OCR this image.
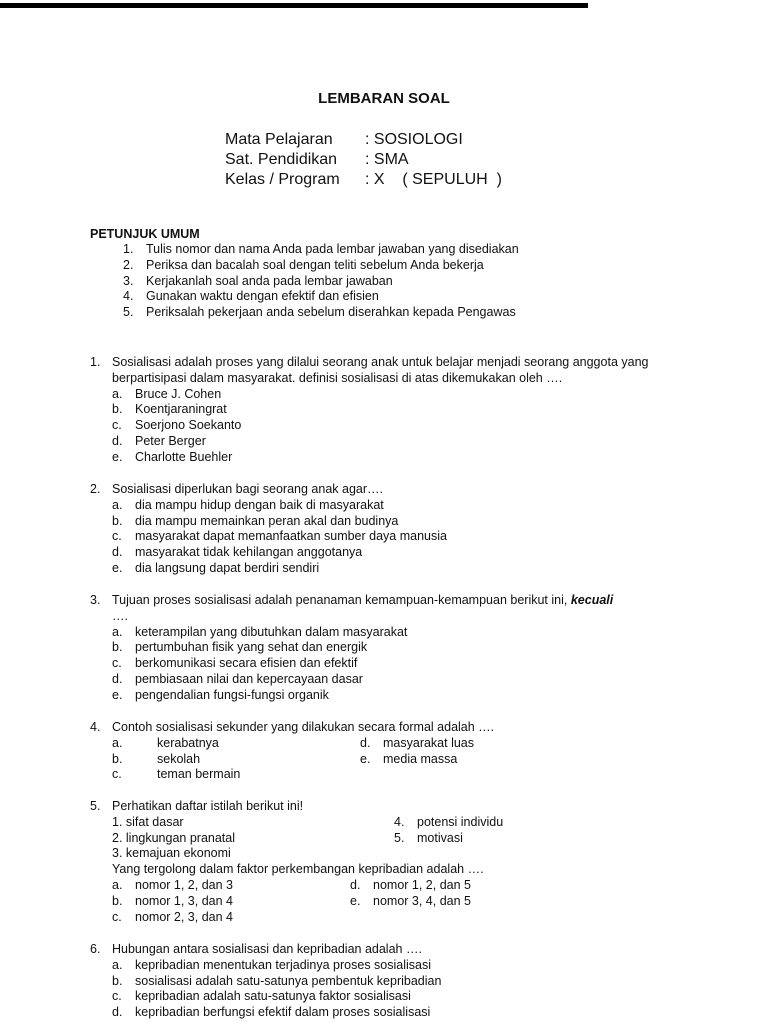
LEMBARAN SOAL
Mata Pelajaran	: SOSIOLOGI
Sat. Pendidikan	: SMA
Kelas / Program	: X    ( SEPULUH  )
PETUNJUK UMUM
1. Tulis nomor dan nama Anda pada lembar jawaban yang disediakan
2. Periksa dan bacalah soal dengan teliti sebelum Anda bekerja
3. Kerjakanlah soal anda pada lembar jawaban
4. Gunakan waktu dengan efektif dan efisien
5. Periksalah pekerjaan anda sebelum diserahkan kepada Pengawas
1. Sosialisasi adalah proses yang dilalui seorang anak untuk belajar menjadi seorang anggota yang berpartisipasi dalam masyarakat. definisi sosialisasi di atas dikemukakan oleh ….
a. Bruce J. Cohen
b. Koentjaraningrat
c. Soerjono Soekanto
d. Peter Berger
e. Charlotte Buehler
2. Sosialisasi diperlukan bagi seorang anak agar….
a. dia mampu hidup dengan baik di masyarakat
b. dia mampu memainkan peran akal dan budinya
c. masyarakat dapat memanfaatkan sumber daya manusia
d. masyarakat tidak kehilangan anggotanya
e. dia langsung dapat berdiri sendiri
3. Tujuan proses sosialisasi adalah penanaman kemampuan-kemampuan berikut ini, kecuali
….
a. keterampilan yang dibutuhkan dalam masyarakat
b. pertumbuhan fisik yang sehat dan energik
c. berkomunikasi secara efisien dan efektif
d. pembiasaan nilai dan kepercayaan dasar
e. pengendalian fungsi-fungsi organik
4. Contoh sosialisasi sekunder yang dilakukan secara formal adalah ….
a.	kerabatnya
b.	sekolah
c.	teman bermain
d. masyarakat luas
e. media massa
5. Perhatikan daftar istilah berikut ini!
1. sifat dasar
2. lingkungan pranatal
3. kemajuan ekonomi
4. potensi individu
5. motivasi
Yang tergolong dalam faktor perkembangan kepribadian adalah ….
a. nomor 1, 2, dan 3
b. nomor 1, 3, dan 4
c. nomor 2, 3, dan 4
d. nomor 1, 2, dan 5
e. nomor 3, 4, dan 5
6. Hubungan antara sosialisasi dan kepribadian adalah ….
a. kepribadian menentukan terjadinya proses sosialisasi
b. sosialisasi adalah satu-satunya pembentuk kepribadian
c. kepribadian adalah satu-satunya faktor sosialisasi
d. kepribadian berfungsi efektif dalam proses sosialisasi
